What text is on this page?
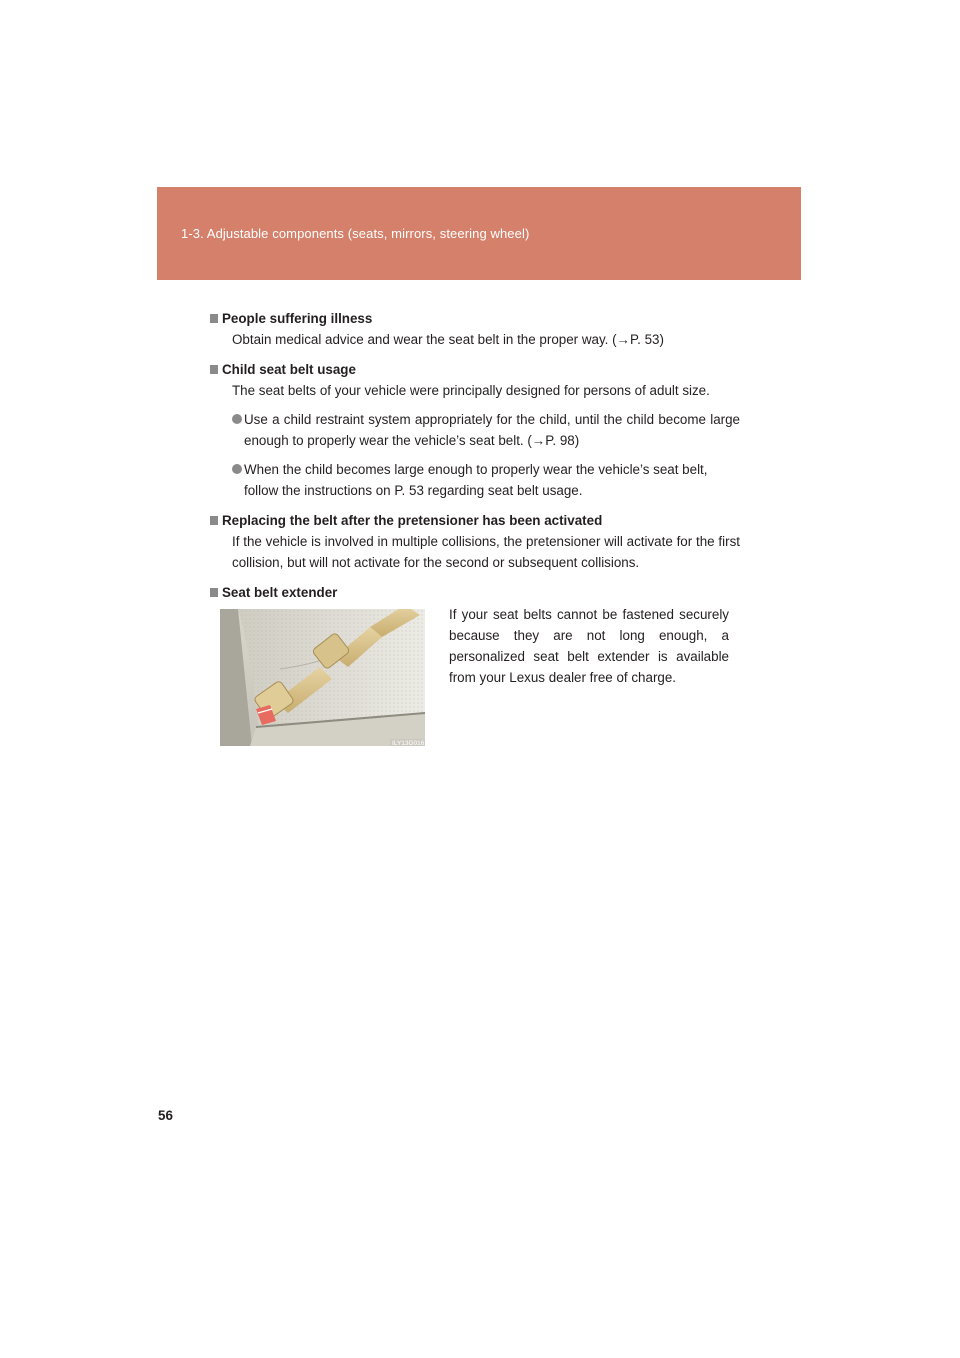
1-3. Adjustable components (seats, mirrors, steering wheel)

People suffering illness

Obtain medical advice and wear the seat belt in the proper way. (→P. 53)

Child seat belt usage

The seat belts of your vehicle were principally designed for persons of adult size.

Use a child restraint system appropriately for the child, until the child become large enough to properly wear the vehicle’s seat belt. (→P. 98)

When the child becomes large enough to properly wear the vehicle’s seat belt, follow the instructions on P. 53 regarding seat belt usage.

Replacing the belt after the pretensioner has been activated

If the vehicle is involved in multiple collisions, the pretensioner will activate for the first collision, but will not activate for the second or subsequent collisions.

Seat belt extender

ILY13G016
If your seat belts cannot be fastened securely because they are not long enough, a personalized seat belt extender is available from your Lexus dealer free of charge.
56
